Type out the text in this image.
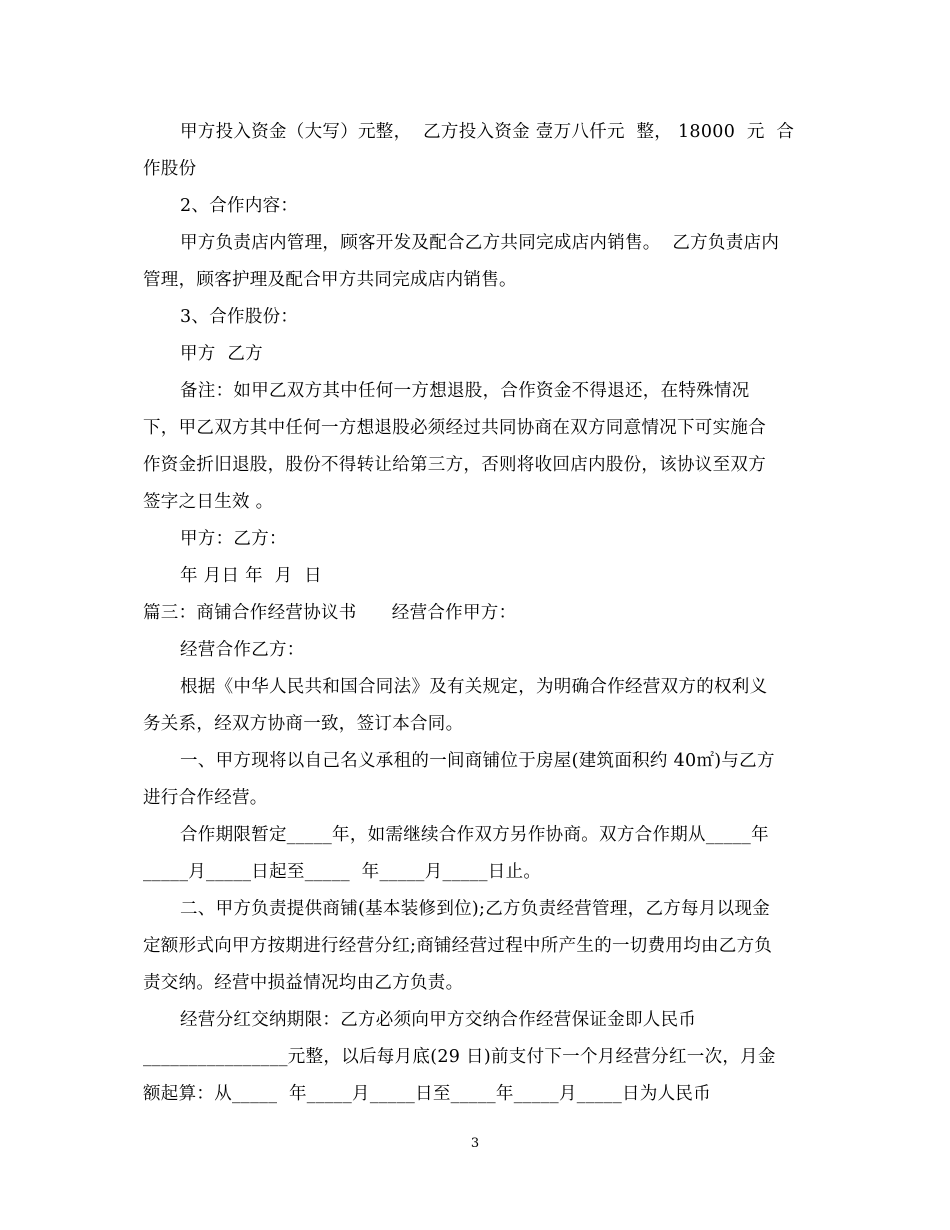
甲方投入资金（大写）元整，  乙方投入资金 壹万八仟元  整， 18000  元  合
作股份
2、合作内容：
甲方负责店内管理，顾客开发及配合乙方共同完成店内销售。  乙方负责店内
管理，顾客护理及配合甲方共同完成店内销售。
3、合作股份：
甲方  乙方
备注：如甲乙双方其中任何一方想退股，合作资金不得退还，在特殊情况
下，甲乙双方其中任何一方想退股必须经过共同协商在双方同意情况下可实施合
作资金折旧退股，股份不得转让给第三方，否则将收回店内股份，该协议至双方
签字之日生效 。
甲方：乙方：
年 月日 年  月  日
篇三：商铺合作经营协议书      经营合作甲方：
经营合作乙方：
根据《中华人民共和国合同法》及有关规定，为明确合作经营双方的权利义
务关系，经双方协商一致，签订本合同。
一、甲方现将以自己名义承租的一间商铺位于房屋(建筑面积约 40㎡)与乙方
进行合作经营。
合作期限暂定_____年，如需继续合作双方另作协商。双方合作期从_____年
_____月_____日起至_____  年_____月_____日止。
二、甲方负责提供商铺(基本装修到位);乙方负责经营管理，乙方每月以现金
定额形式向甲方按期进行经营分红;商铺经营过程中所产生的一切费用均由乙方负
责交纳。经营中损益情况均由乙方负责。
经营分红交纳期限：乙方必须向甲方交纳合作经营保证金即人民币
________________元整，以后每月底(29 日)前支付下一个月经营分红一次，月金
额起算：从_____  年_____月_____日至_____年_____月_____日为人民币
3
